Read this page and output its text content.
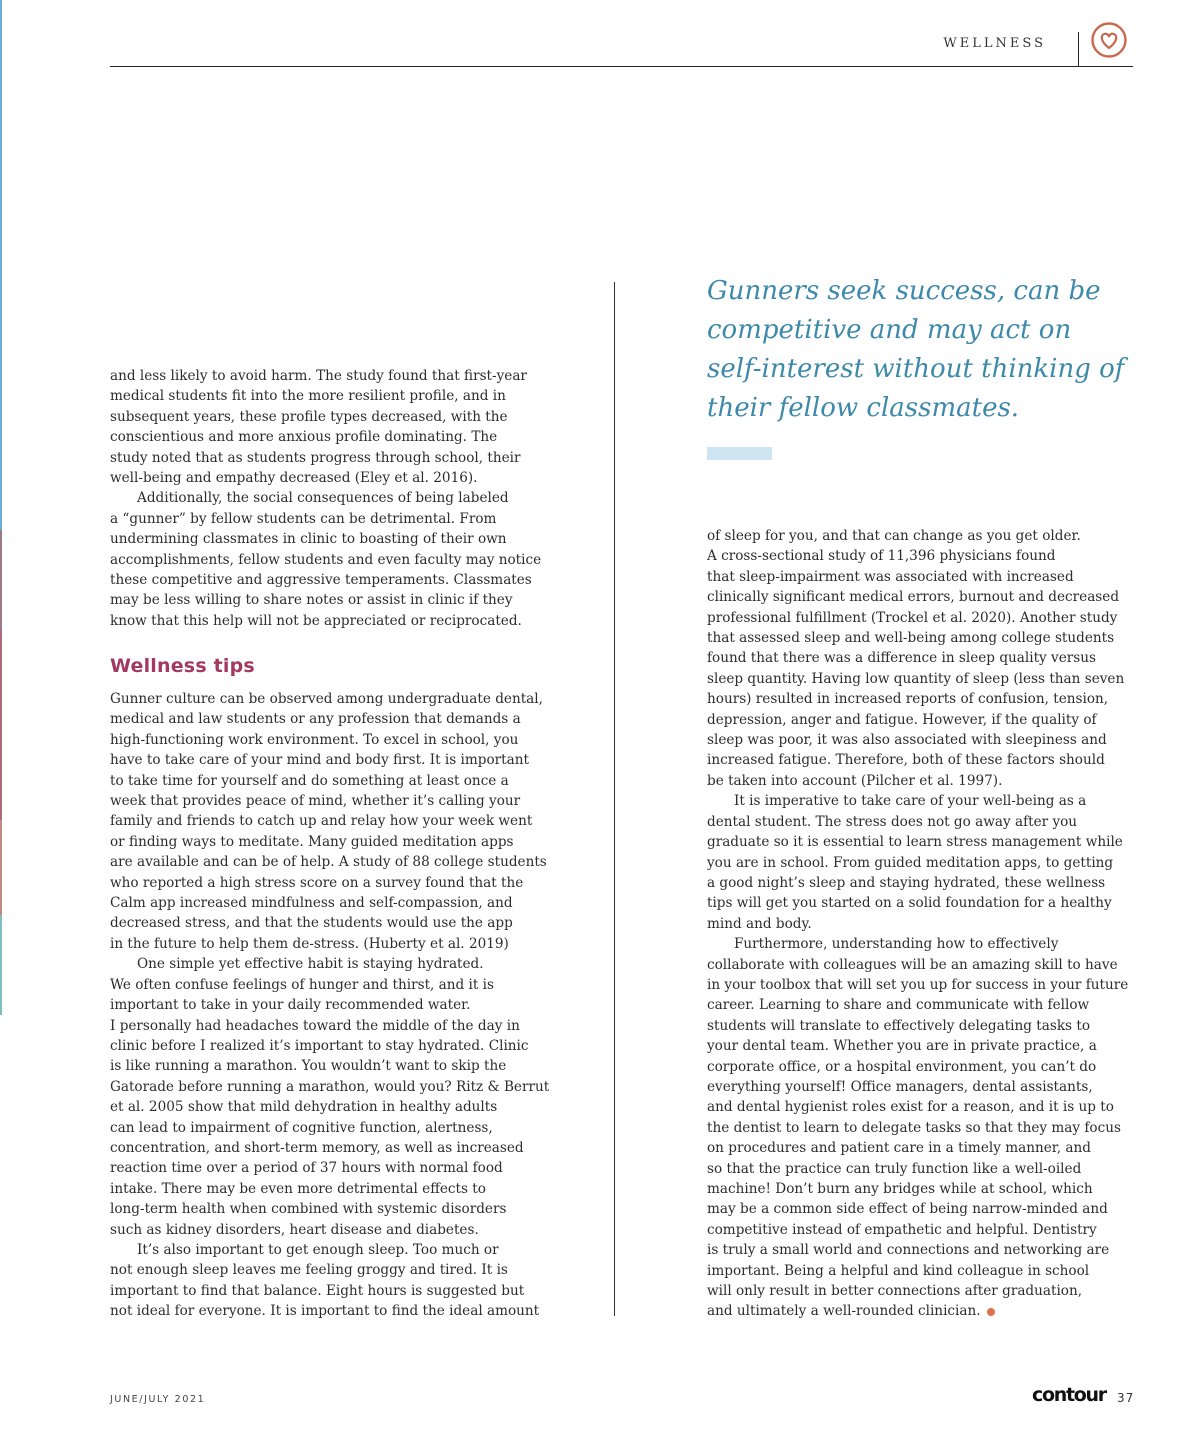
WELLNESS

and less likely to avoid harm. The study found that first-year
medical students fit into the more resilient profile, and in
subsequent years, these profile types decreased, with the
conscientious and more anxious profile dominating. The
study noted that as students progress through school, their
well-being and empathy decreased (Eley et al. 2016).

Additionally, the social consequences of being labeled
a “gunner” by fellow students can be detrimental. From
undermining classmates in clinic to boasting of their own
accomplishments, fellow students and even faculty may notice
these competitive and aggressive temperaments. Classmates
may be less willing to share notes or assist in clinic if they
know that this help will not be appreciated or reciprocated.

Wellness tips

Gunner culture can be observed among undergraduate dental,
medical and law students or any profession that demands a
high-functioning work environment. To excel in school, you
have to take care of your mind and body first. It is important
to take time for yourself and do something at least once a
week that provides peace of mind, whether it’s calling your
family and friends to catch up and relay how your week went
or finding ways to meditate. Many guided meditation apps
are available and can be of help. A study of 88 college students
who reported a high stress score on a survey found that the
Calm app increased mindfulness and self-compassion, and
decreased stress, and that the students would use the app
in the future to help them de-stress. (Huberty et al. 2019)

One simple yet effective habit is staying hydrated.
We often confuse feelings of hunger and thirst, and it is
important to take in your daily recommended water.
I personally had headaches toward the middle of the day in
clinic before I realized it’s important to stay hydrated. Clinic
is like running a marathon. You wouldn’t want to skip the
Gatorade before running a marathon, would you? Ritz & Berrut
et al. 2005 show that mild dehydration in healthy adults
can lead to impairment of cognitive function, alertness,
concentration, and short-term memory, as well as increased
reaction time over a period of 37 hours with normal food
intake. There may be even more detrimental effects to
long-term health when combined with systemic disorders
such as kidney disorders, heart disease and diabetes.

It’s also important to get enough sleep. Too much or
not enough sleep leaves me feeling groggy and tired. It is
important to find that balance. Eight hours is suggested but
not ideal for everyone. It is important to find the ideal amount

Gunners seek success, can be
competitive and may act on
self-interest without thinking of
their fellow classmates.

of sleep for you, and that can change as you get older.
A cross-sectional study of 11,396 physicians found
that sleep-impairment was associated with increased
clinically significant medical errors, burnout and decreased
professional fulfillment (Trockel et al. 2020). Another study
that assessed sleep and well-being among college students
found that there was a difference in sleep quality versus
sleep quantity. Having low quantity of sleep (less than seven
hours) resulted in increased reports of confusion, tension,
depression, anger and fatigue. However, if the quality of
sleep was poor, it was also associated with sleepiness and
increased fatigue. Therefore, both of these factors should
be taken into account (Pilcher et al. 1997).

It is imperative to take care of your well-being as a
dental student. The stress does not go away after you
graduate so it is essential to learn stress management while
you are in school. From guided meditation apps, to getting
a good night’s sleep and staying hydrated, these wellness
tips will get you started on a solid foundation for a healthy
mind and body.

Furthermore, understanding how to effectively
collaborate with colleagues will be an amazing skill to have
in your toolbox that will set you up for success in your future
career. Learning to share and communicate with fellow
students will translate to effectively delegating tasks to
your dental team. Whether you are in private practice, a
corporate office, or a hospital environment, you can’t do
everything yourself! Office managers, dental assistants,
and dental hygienist roles exist for a reason, and it is up to
the dentist to learn to delegate tasks so that they may focus
on procedures and patient care in a timely manner, and
so that the practice can truly function like a well-oiled
machine! Don’t burn any bridges while at school, which
may be a common side effect of being narrow-minded and
competitive instead of empathetic and helpful. Dentistry
is truly a small world and connections and networking are
important. Being a helpful and kind colleague in school
will only result in better connections after graduation,
and ultimately a well-rounded clinician.

JUNE/JULY 2021	contour 37
